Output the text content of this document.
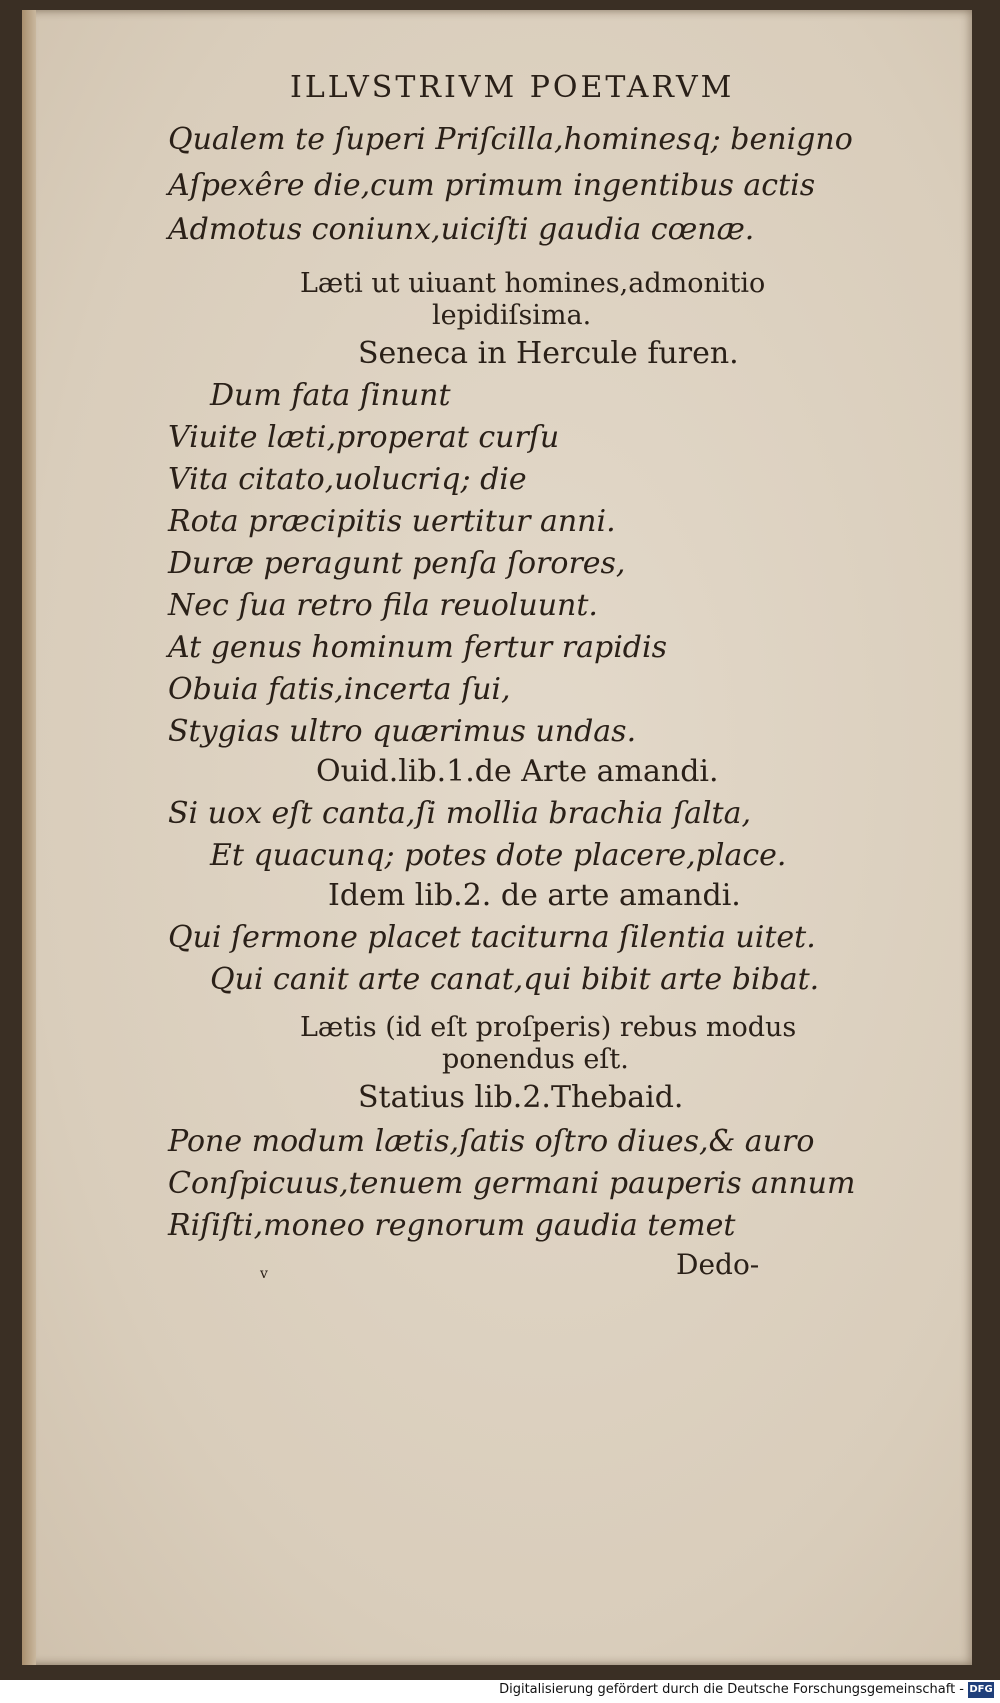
ILLVSTRIVM POETARVM
Qualem te ſuperi Priſcilla,hominesq; benigno
Aſpexêre die,cum primum ingentibus actis
Admotus coniunx,uiciſti gaudia cœnæ.
Læti ut uiuant homines,admonitio
lepidiſsima.
Seneca in Hercule furen.
Dum fata ſinunt
Viuite læti,properat curſu
Vita citato,uolucriq; die
Rota præcipitis uertitur anni.
Duræ peragunt penſa ſorores,
Nec ſua retro fila reuoluunt.
At genus hominum fertur rapidis
Obuia fatis,incerta ſui,
Stygias ultro quærimus undas.
Ouid.lib.1.de Arte amandi.
Si uox eſt canta,ſi mollia brachia ſalta,
Et quacunq; potes dote placere,place.
Idem lib.2. de arte amandi.
Qui ſermone placet taciturna ſilentia uitet.
Qui canit arte canat,qui bibit arte bibat.
Lætis (id eſt proſperis) rebus modus
ponendus eſt.
Statius lib.2.Thebaid.
Pone modum lætis,ſatis oſtro diues,& auro
Conſpicuus,tenuem germani pauperis annum
Riſiſti,moneo regnorum gaudia temet
v	Dedo-
Digitalisierung gefördert durch die Deutsche Forschungsgemeinschaft - DFG
